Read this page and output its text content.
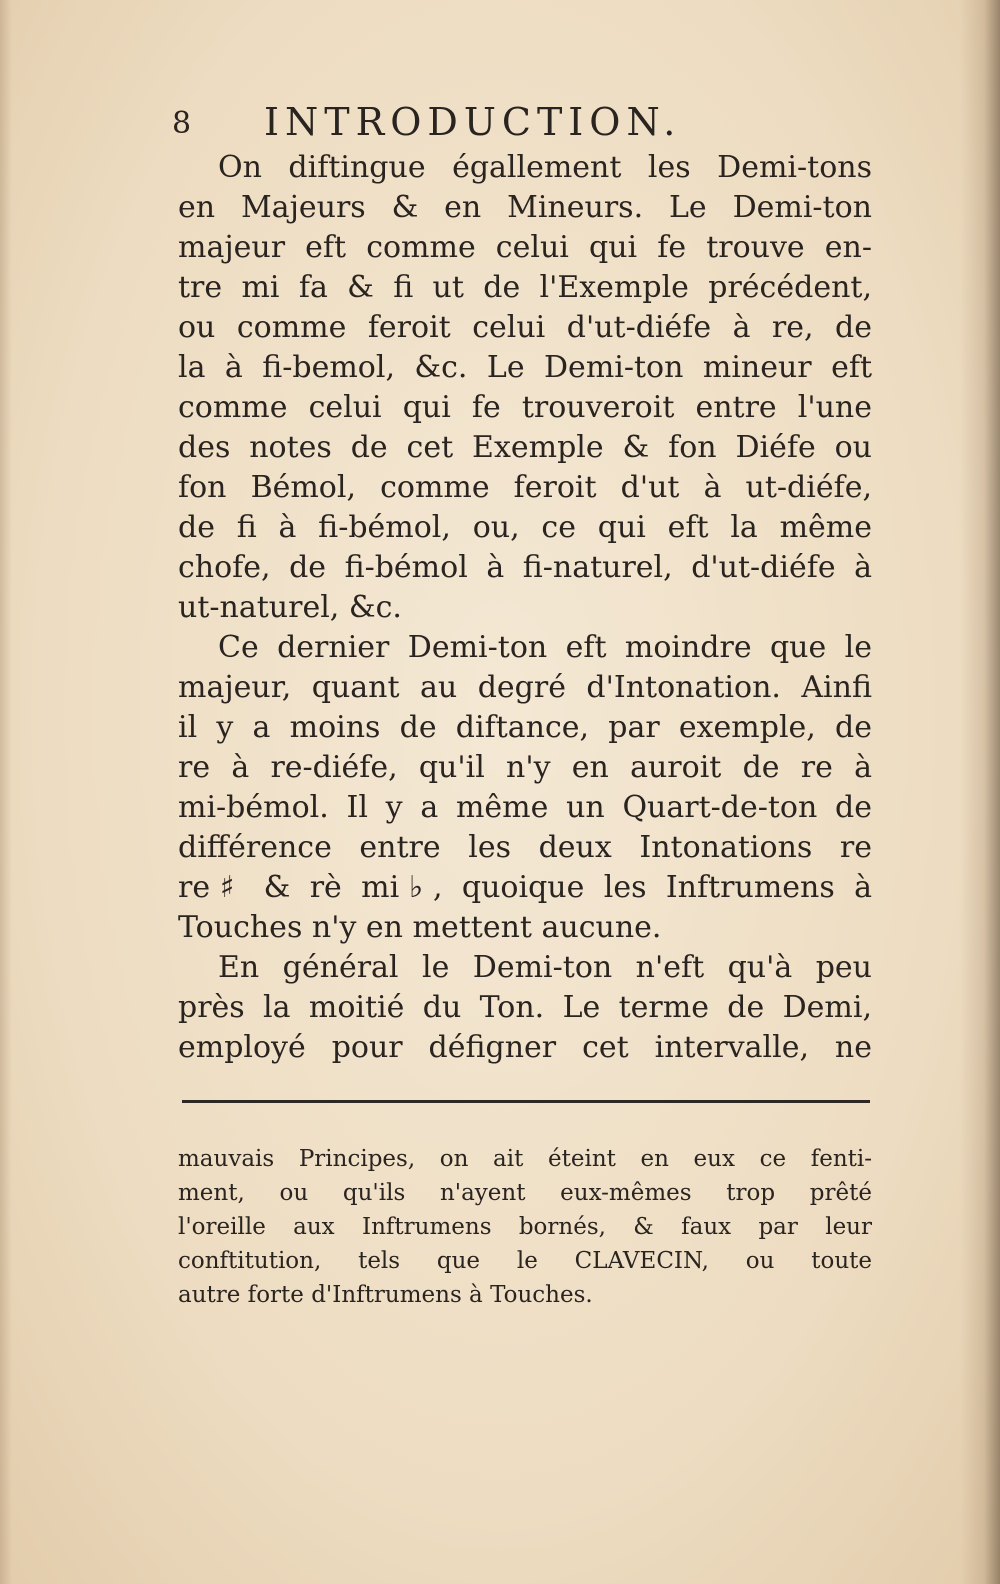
8 INTRODUCTION.
On diftingue égallement les Demi-tons
en Majeurs & en Mineurs. Le Demi-ton
majeur eft comme celui qui fe trouve en-
tre mi fa & fi ut de l'Exemple précédent,
ou comme feroit celui d'ut-diéfe à re, de
la à fi-bemol, &c. Le Demi-ton mineur eft
comme celui qui fe trouveroit entre l'une
des notes de cet Exemple & fon Diéfe ou
fon Bémol, comme feroit d'ut à ut-diéfe,
de fi à fi-bémol, ou, ce qui eft la même
chofe, de fi-bémol à fi-naturel, d'ut-diéfe à
ut-naturel, &c.
Ce dernier Demi-ton eft moindre que le
majeur, quant au degré d'Intonation. Ainfi
il y a moins de diftance, par exemple, de
re à re-diéfe, qu'il n'y en auroit de re à
mi-bémol. Il y a même un Quart-de-ton de
différence entre les deux Intonations re
re♯ & rè mi♭, quoique les Inftrumens à
Touches n'y en mettent aucune.
En général le Demi-ton n'eft qu'à peu
près la moitié du Ton. Le terme de Demi,
employé pour défigner cet intervalle, ne
mauvais Principes, on ait éteint en eux ce fenti-
ment, ou qu'ils n'ayent eux-mêmes trop prêté
l'oreille aux Inftrumens bornés, & faux par leur
conftitution, tels que le CLAVECIN, ou toute
autre forte d'Inftrumens à Touches.
